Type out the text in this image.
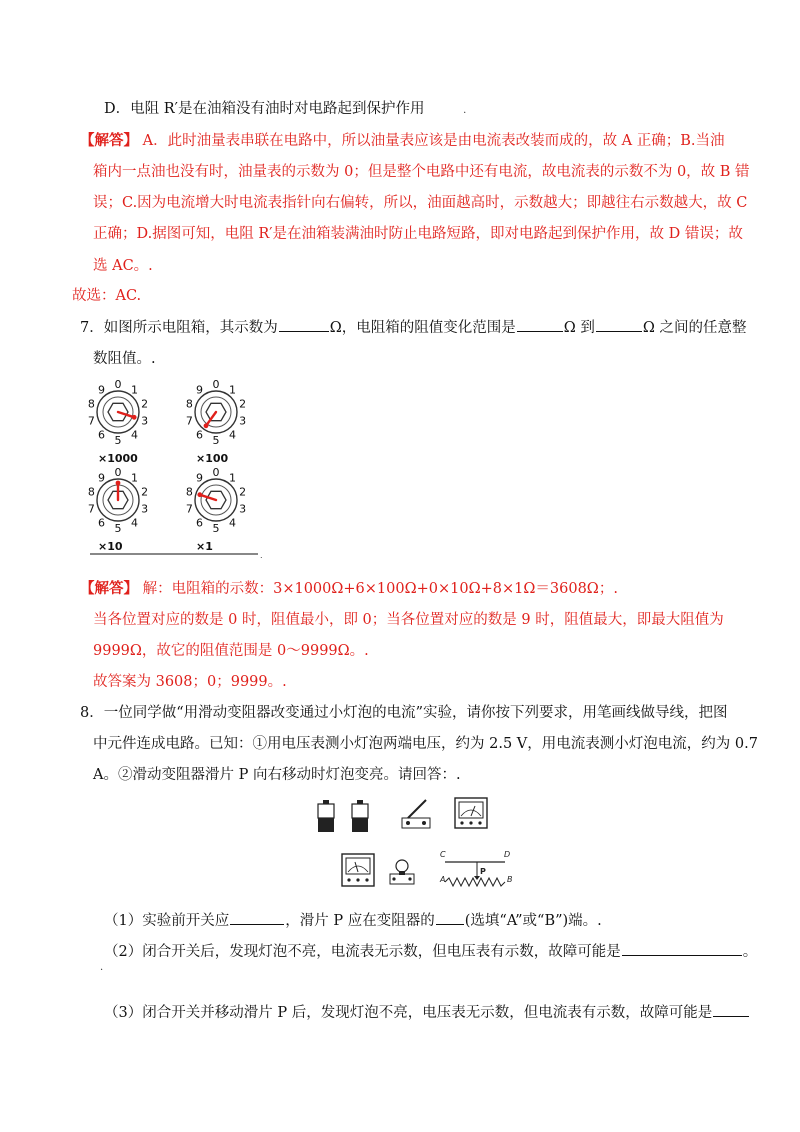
D．电阻 R′是在油箱没有油时对电路起到保护作用	.
【解答】 A．此时油量表串联在电路中，所以油量表应该是由电流表改装而成的，故 A 正确；B.当油
箱内一点油也没有时，油量表的示数为 0；但是整个电路中还有电流，故电流表的示数不为 0，故 B 错
误；C.因为电流增大时电流表指针向右偏转，所以，油面越高时，示数越大；即越往右示数越大，故 C
正确；D.据图可知，电阻 R′是在油箱装满油时防止电路短路，即对电路起到保护作用，故 D 错误；故
选 AC。.
故选：AC.
7．如图所示电阻箱，其示数为	Ω，电阻箱的阻值变化范围是	Ω 到	Ω 之间的任意整
数阻值。.
0 1
2
3
4
5
6
7
8
9
×1000
0 1
2
3
4
5
6
7
8
9
×100
0 1
2
3
4
5
6
7
8
9
×10
0 1
2
3
4
5
6
7
8
9
×1
.
【解答】 解：电阻箱的示数：3×1000Ω+6×100Ω+0×10Ω+8×1Ω＝3608Ω；.
当各位置对应的数是 0 时，阻值最小，即 0；当各位置对应的数是 9 时，阻值最大，即最大阻值为
9999Ω，故它的阻值范围是 0～9999Ω。.
故答案为 3608；0；9999。.
8．一位同学做“用滑动变阻器改变通过小灯泡的电流”实验，请你按下列要求，用笔画线做导线，把图
中元件连成电路。已知：①用电压表测小灯泡两端电压，约为 2.5 V，用电流表测小灯泡电流，约为 0.7
A。②滑动变阻器滑片 P 向右移动时灯泡变亮。请回答：.
C	D
A	B
P
（1）实验前开关应	，滑片 P 应在变阻器的 (选填“A”或“B”)端。.
（2）闭合开关后，发现灯泡不亮，电流表无示数，但电压表有示数，故障可能是	。
.
（3）闭合开关并移动滑片 P 后，发现灯泡不亮，电压表无示数，但电流表有示数，故障可能是
